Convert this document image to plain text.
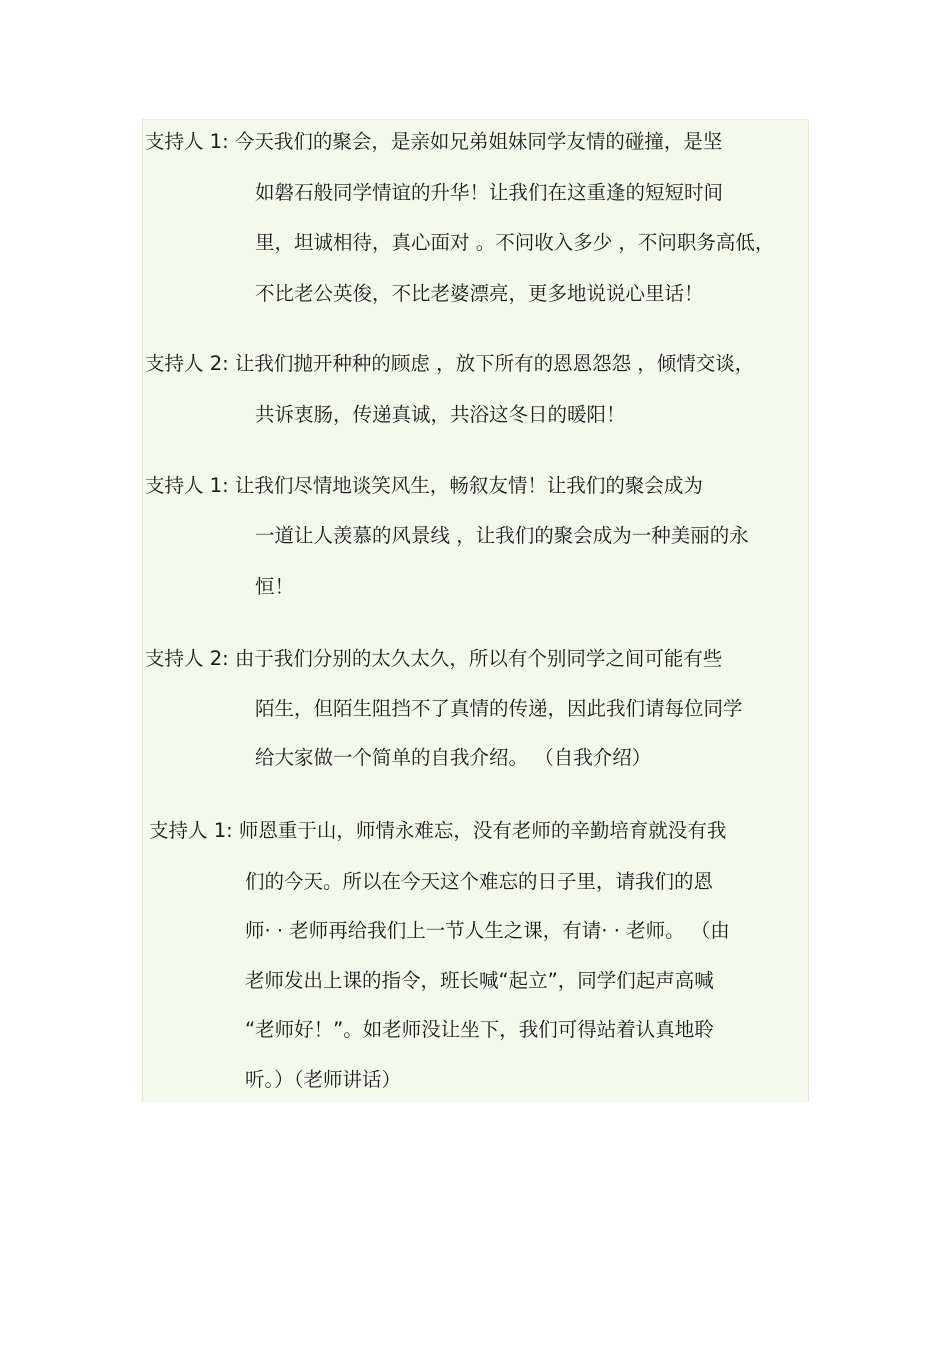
支持人 1: 今天我们的聚会，是亲如兄弟姐妹同学友情的碰撞，是坚
如磐石般同学情谊的升华！让我们在这重逢的短短时间
里，坦诚相待，真心面对 。不问收入多少 ，不问职务高低，
不比老公英俊，不比老婆漂亮，更多地说说心里话！
支持人 2: 让我们抛开种种的顾虑 ，放下所有的恩恩怨怨 ，倾情交谈，
共诉衷肠，传递真诚，共浴这冬日的暖阳！
支持人 1: 让我们尽情地谈笑风生，畅叙友情！让我们的聚会成为
一道让人羡慕的风景线 ，让我们的聚会成为一种美丽的永
恒！
支持人 2: 由于我们分别的太久太久，所以有个别同学之间可能有些
陌生，但陌生阻挡不了真情的传递，因此我们请每位同学
给大家做一个简单的自我介绍。 （自我介绍）
支持人 1: 师恩重于山，师情永难忘，没有老师的辛勤培育就没有我
们的今天。所以在今天这个难忘的日子里，请我们的恩
师· · 老师再给我们上一节人生之课，有请· · 老师。 （由
老师发出上课的指令，班长喊“起立”，同学们起声高喊
“老师好！”。如老师没让坐下，我们可得站着认真地聆
听。）（老师讲话）
